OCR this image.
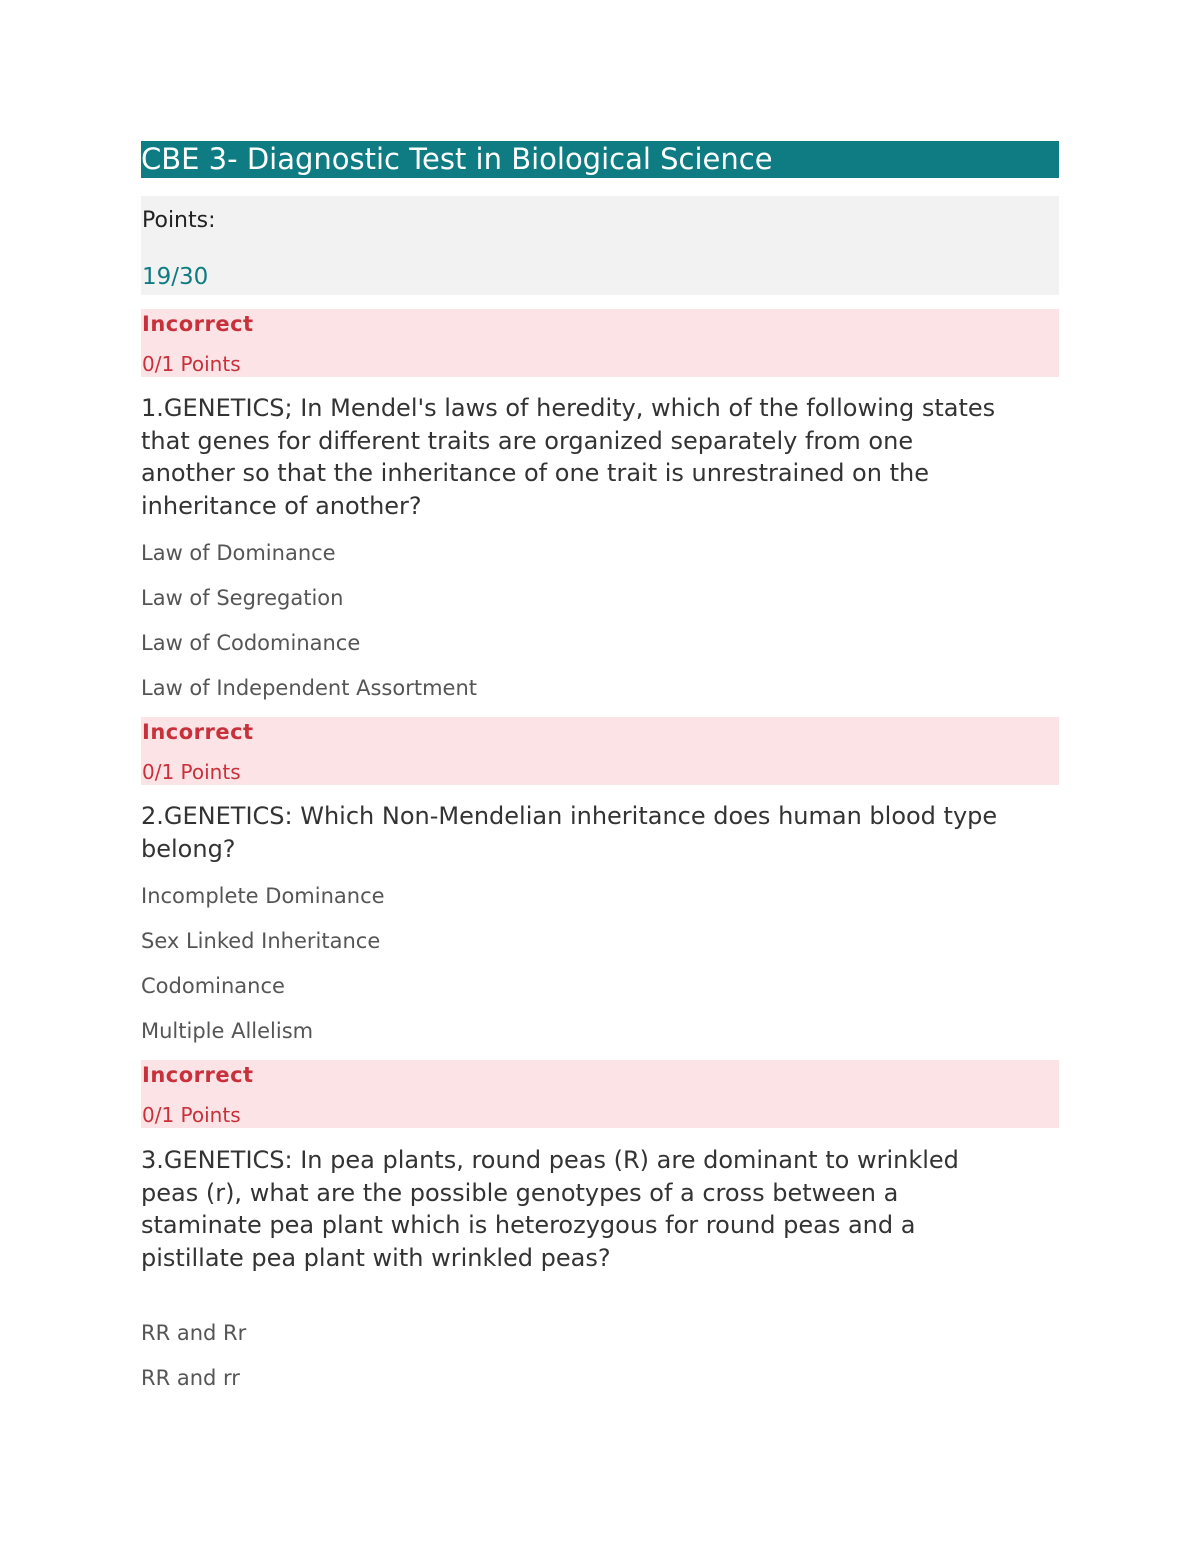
CBE 3- Diagnostic Test in Biological Science
Points:
19/30
Incorrect
0/1 Points
1.GENETICS; In Mendel's laws of heredity, which of the following states
that genes for different traits are organized separately from one
another so that the inheritance of one trait is unrestrained on the
inheritance of another?
Law of Dominance
Law of Segregation
Law of Codominance
Law of Independent Assortment
Incorrect
0/1 Points
2.GENETICS: Which Non-Mendelian inheritance does human blood type
belong?
Incomplete Dominance
Sex Linked Inheritance
Codominance
Multiple Allelism
Incorrect
0/1 Points
3.GENETICS: In pea plants, round peas (R) are dominant to wrinkled
peas (r), what are the possible genotypes of a cross between a
staminate pea plant which is heterozygous for round peas and a
pistillate pea plant with wrinkled peas?
RR and Rr
RR and rr
